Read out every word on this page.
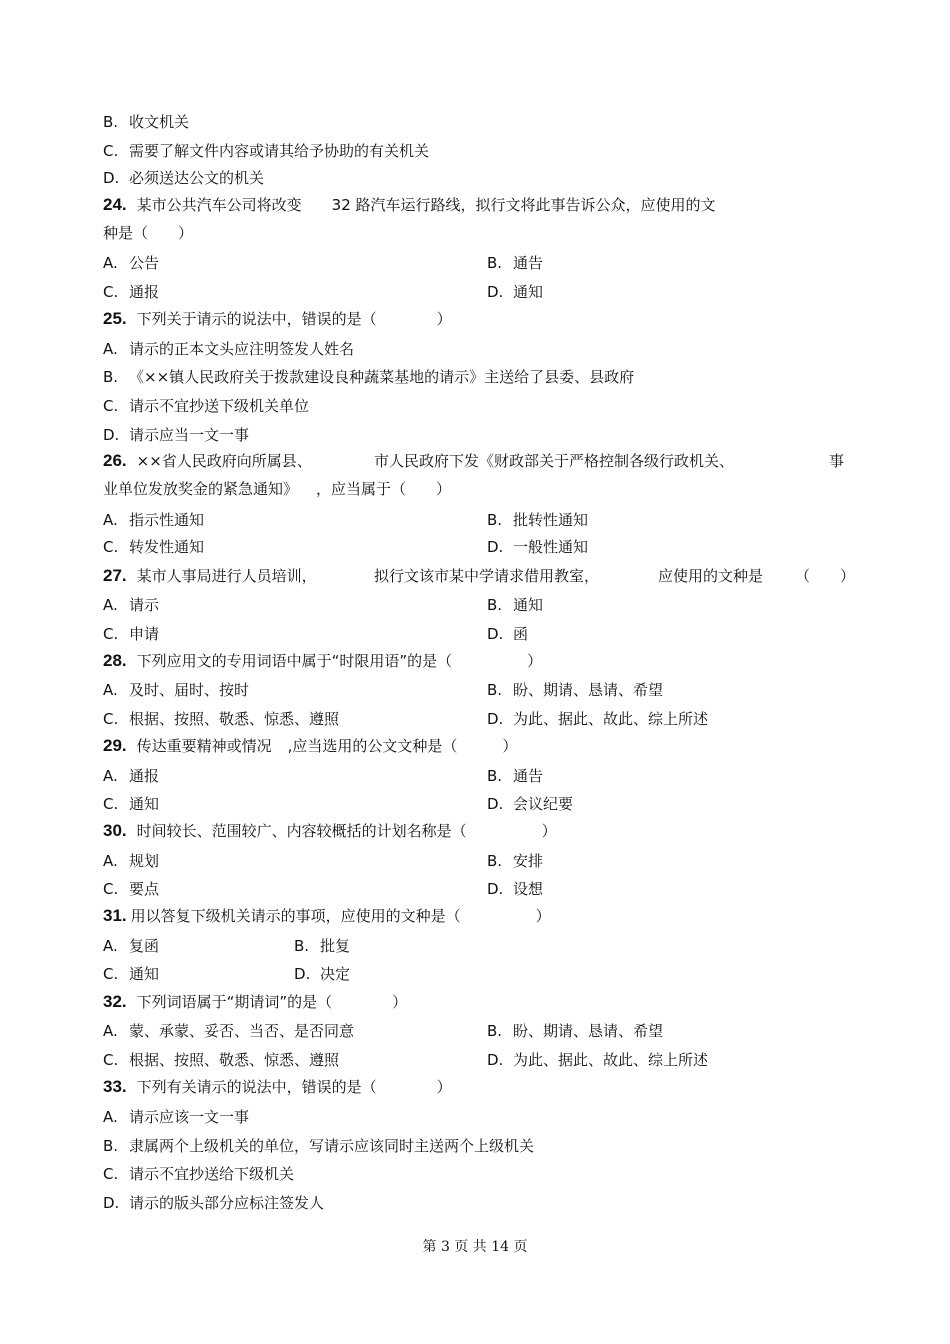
B. 收文机关
C. 需要了解文件内容或请其给予协助的有关机关
D. 必须送达公文的机关
24. 某市公共汽车公司将改变 32 路汽车运行路线，拟行文将此事告诉公众，应使用的文
种是（　　）
A. 公告	B. 通告
C. 通报	D. 通知
25. 下列关于请示的说法中，错误的是（　　　　）
A. 请示的正本文头应注明签发人姓名
B. 《××镇人民政府关于拨款建设良种蔬菜基地的请示》主送给了县委、县政府
C. 请示不宜抄送下级机关单位
D. 请示应当一文一事
26. ××省人民政府向所属县、	市人民政府下发《财政部关于严格控制各级行政机关、	事
业单位发放奖金的紧急通知》 ，应当属于（　　）
A. 指示性通知	B. 批转性通知
C. 转发性通知	D. 一般性通知
27. 某市人事局进行人员培训，	拟行文该市某中学请求借用教室，	应使用的文种是 （　　）
A. 请示	B. 通知
C. 申请	D. 函
28. 下列应用文的专用词语中属于“时限用语”的是（　　　　　）
A. 及时、届时、按时	B. 盼、期请、恳请、希望
C. 根据、按照、敬悉、惊悉、遵照	D. 为此、据此、故此、综上所述
29. 传达重要精神或情况 ,应当选用的公文文种是（　　　）
A. 通报	B. 通告
C. 通知	D. 会议纪要
30. 时间较长、范围较广、内容较概括的计划名称是（　　　　　）
A. 规划	B. 安排
C. 要点	D. 设想
31. 用以答复下级机关请示的事项，应使用的文种是（　　　　　）
A. 复函	B. 批复
C. 通知	D. 决定
32. 下列词语属于“期请词”的是（　　　　）
A. 蒙、承蒙、妥否、当否、是否同意	B. 盼、期请、恳请、希望
C. 根据、按照、敬悉、惊悉、遵照	D. 为此、据此、故此、综上所述
33. 下列有关请示的说法中，错误的是（　　　　）
A. 请示应该一文一事
B. 隶属两个上级机关的单位，写请示应该同时主送两个上级机关
C. 请示不宜抄送给下级机关
D. 请示的版头部分应标注签发人
第 3 页 共 14 页
